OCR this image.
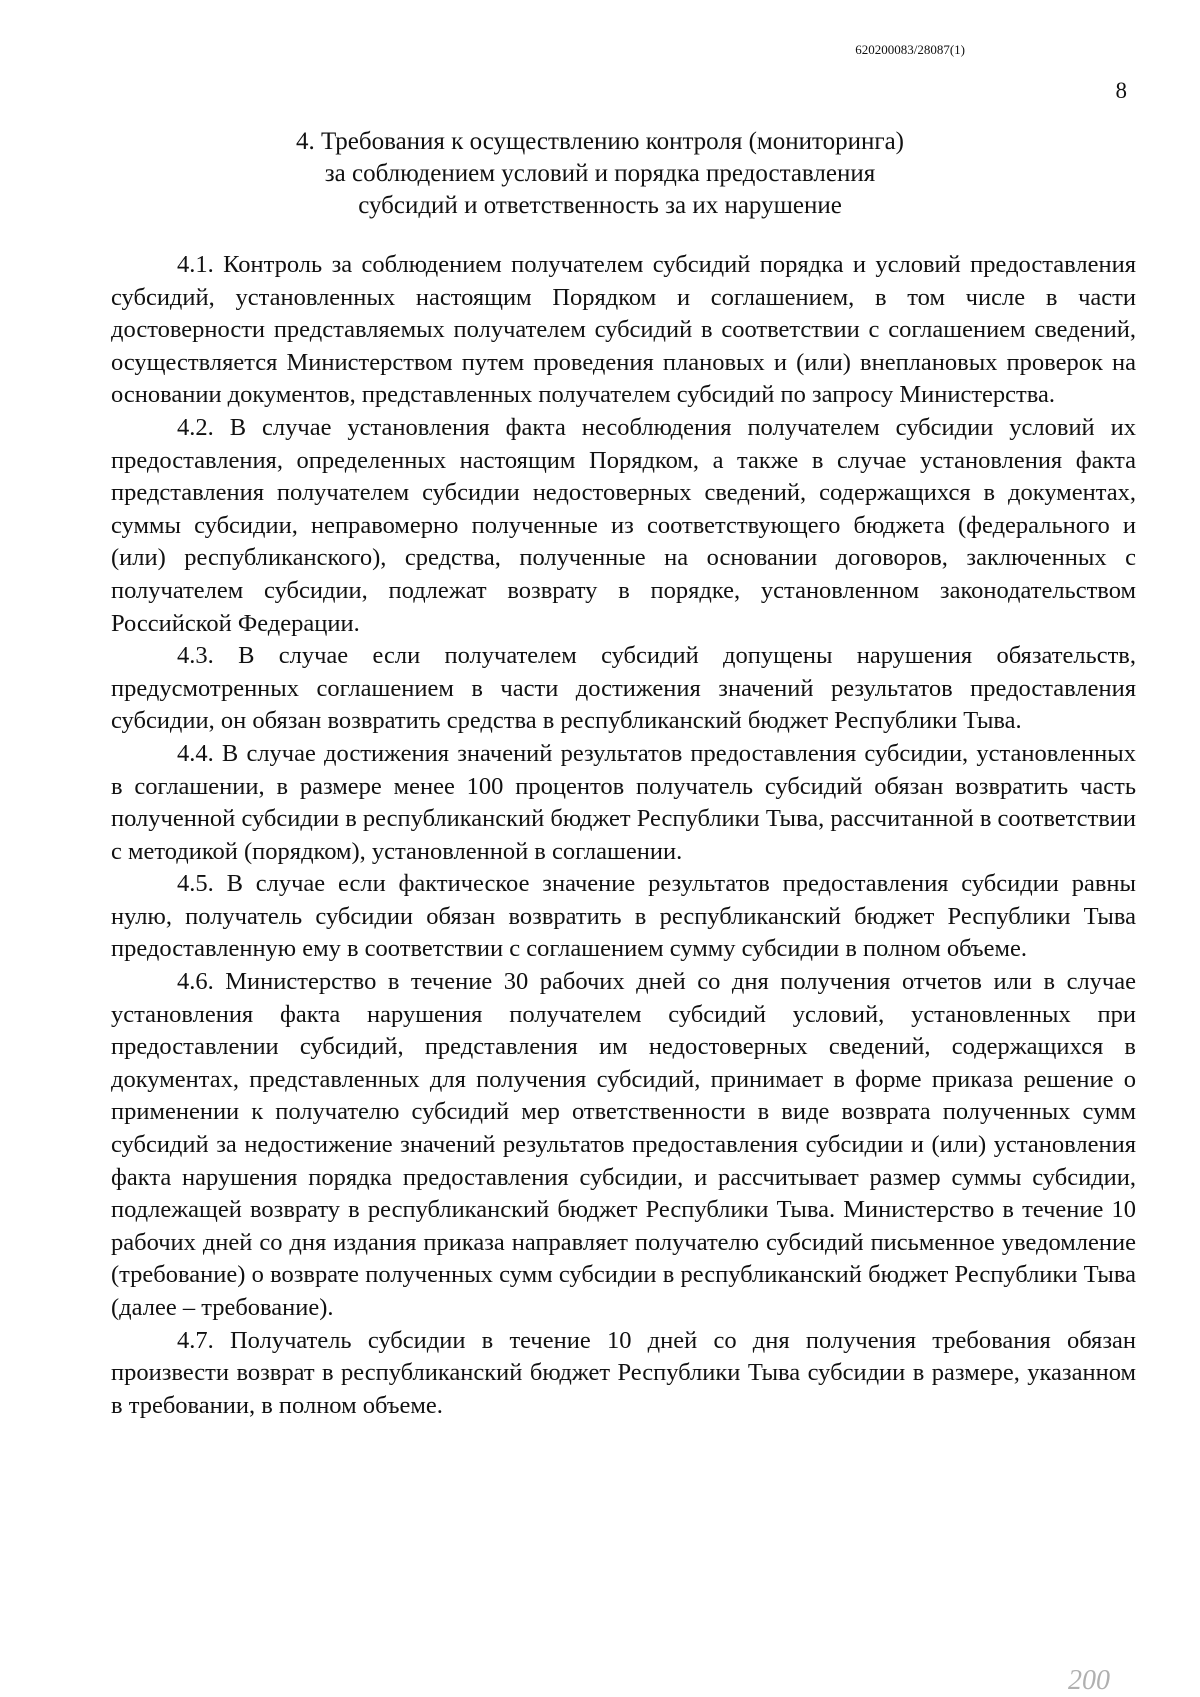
620200083/28087(1)
8
4. Требования к осуществлению контроля (мониторинга)
за соблюдением условий и порядка предоставления
субсидий и ответственность за их нарушение

4.1. Контроль за соблюдением получателем субсидий порядка и условий предоставления субсидий, установленных настоящим Порядком и соглашением, в том числе в части достоверности представляемых получателем субсидий в соответствии с соглашением сведений, осуществляется Министерством путем проведения плановых и (или) внеплановых проверок на основании документов, представленных получателем субсидий по запросу Министерства.

4.2. В случае установления факта несоблюдения получателем субсидии условий их предоставления, определенных настоящим Порядком, а также в случае установления факта представления получателем субсидии недостоверных сведений, содержащихся в документах, суммы субсидии, неправомерно полученные из соответствующего бюджета (федерального и (или) республиканского), средства, полученные на основании договоров, заключенных с получателем субсидии, подлежат возврату в порядке, установленном законодательством Российской Федерации.

4.3. В случае если получателем субсидий допущены нарушения обязательств, предусмотренных соглашением в части достижения значений результатов предоставления субсидии, он обязан возвратить средства в республиканский бюджет Республики Тыва.

4.4. В случае достижения значений результатов предоставления субсидии, установленных в соглашении, в размере менее 100 процентов получатель субсидий обязан возвратить часть полученной субсидии в республиканский бюджет Республики Тыва, рассчитанной в соответствии с методикой (порядком), установленной в соглашении.

4.5. В случае если фактическое значение результатов предоставления субсидии равны нулю, получатель субсидии обязан возвратить в республиканский бюджет Республики Тыва предоставленную ему в соответствии с соглашением сумму субсидии в полном объеме.

4.6. Министерство в течение 30 рабочих дней со дня получения отчетов или в случае установления факта нарушения получателем субсидий условий, установленных при предоставлении субсидий, представления им недостоверных сведений, содержащихся в документах, представленных для получения субсидий, принимает в форме приказа решение о применении к получателю субсидий мер ответственности в виде возврата полученных сумм субсидий за недостижение значений результатов предоставления субсидии и (или) установления факта нарушения порядка предоставления субсидии, и рассчитывает размер суммы субсидии, подлежащей возврату в республиканский бюджет Республики Тыва. Министерство в течение 10 рабочих дней со дня издания приказа направляет получателю субсидий письменное уведомление (требование) о возврате полученных сумм субсидии в республиканский бюджет Республики Тыва (далее – требование).

4.7. Получатель субсидии в течение 10 дней со дня получения требования обязан произвести возврат в республиканский бюджет Республики Тыва субсидии в размере, указанном в требовании, в полном объеме.

200
